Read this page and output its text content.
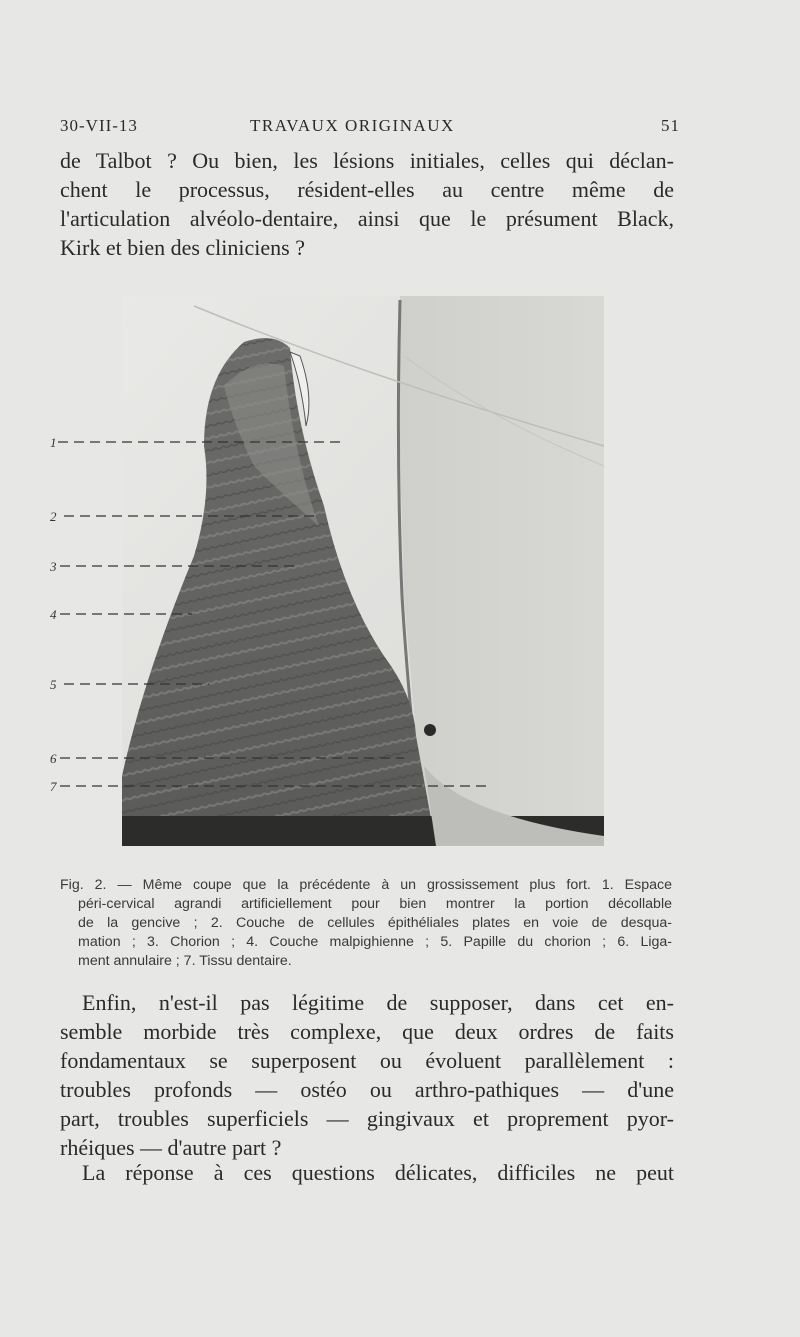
30-VII-13	TRAVAUX ORIGINAUX	51

de Talbot ? Ou bien, les lésions initiales, celles qui déclan-
chent le processus, résident-elles au centre même de
l'articulation alvéolo-dentaire, ainsi que le présument Black,
Kirk et bien des cliniciens ?

1
2
3
4
5
6
7

Fig. 2. — Même coupe que la précédente à un grossissement plus fort. 1. Espace
péri-cervical agrandi artificiellement pour bien montrer la portion décollable
de la gencive ; 2. Couche de cellules épithéliales plates en voie de desqua-
mation ; 3. Chorion ; 4. Couche malpighienne ; 5. Papille du chorion ; 6. Liga-
ment annulaire ; 7. Tissu dentaire.

Enfin, n'est-il pas légitime de supposer, dans cet en-
semble morbide très complexe, que deux ordres de faits
fondamentaux se superposent ou évoluent parallèlement :
troubles profonds — ostéo ou arthro-pathiques — d'une
part, troubles superficiels — gingivaux et proprement pyor-
rhéiques — d'autre part ?

La réponse à ces questions délicates, difficiles ne peut
